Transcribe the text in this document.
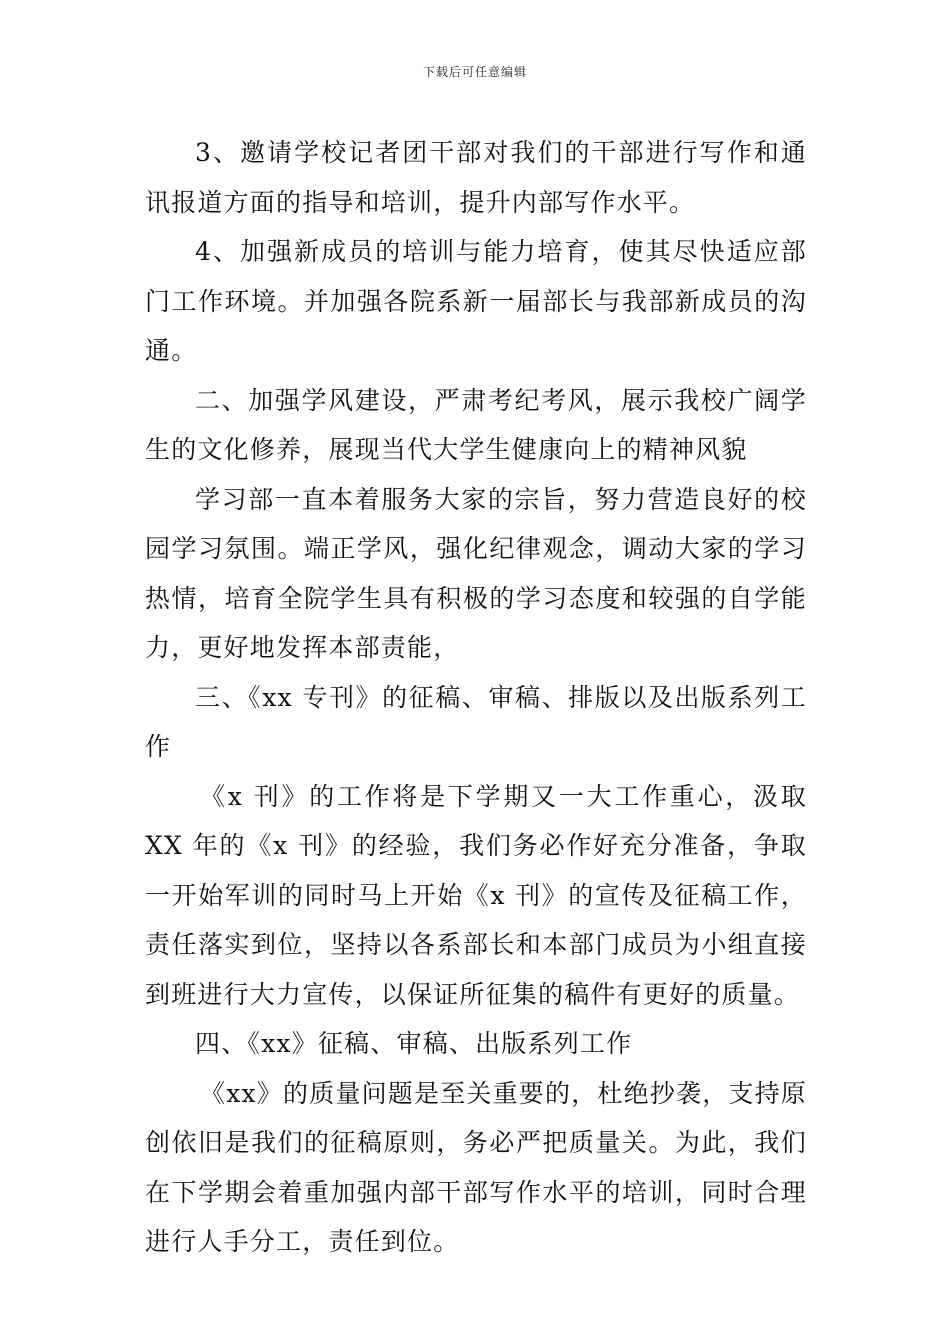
下载后可任意编辑

3、邀请学校记者团干部对我们的干部进行写作和通讯报道方面的指导和培训，提升内部写作水平。

4、加强新成员的培训与能力培育，使其尽快适应部门工作环境。并加强各院系新一届部长与我部新成员的沟通。

二、加强学风建设，严肃考纪考风，展示我校广阔学生的文化修养，展现当代大学生健康向上的精神风貌

学习部一直本着服务大家的宗旨，努力营造良好的校园学习氛围。端正学风，强化纪律观念，调动大家的学习热情，培育全院学生具有积极的学习态度和较强的自学能力，更好地发挥本部责能，

三、《xx 专刊》的征稿、审稿、排版以及出版系列工作

《x 刊》的工作将是下学期又一大工作重心，汲取 XX 年的《x 刊》的经验，我们务必作好充分准备，争取一开始军训的同时马上开始《x 刊》的宣传及征稿工作，责任落实到位，坚持以各系部长和本部门成员为小组直接到班进行大力宣传，以保证所征集的稿件有更好的质量。

四、《xx》征稿、审稿、出版系列工作

《xx》的质量问题是至关重要的，杜绝抄袭，支持原创依旧是我们的征稿原则，务必严把质量关。为此，我们在下学期会着重加强内部干部写作水平的培训，同时合理进行人手分工，责任到位。
